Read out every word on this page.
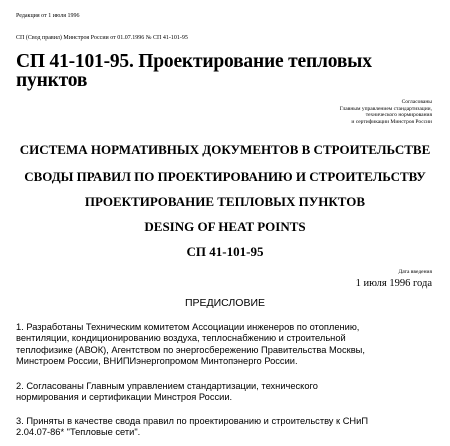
Редакция от 1 июля 1996
СП (Свод правил) Минстроя России от 01.07.1996 № СП 41-101-95
СП 41-101-95. Проектирование тепловых
пунктов
Согласованы
Главным управлением стандартизации,
технического нормирования
и сертификации Минстроя России
СИСТЕМА НОРМАТИВНЫХ ДОКУМЕНТОВ В СТРОИТЕЛЬСТВЕ
СВОДЫ ПРАВИЛ ПО ПРОЕКТИРОВАНИЮ И СТРОИТЕЛЬСТВУ
ПРОЕКТИРОВАНИЕ ТЕПЛОВЫХ ПУНКТОВ
DESING OF HEAT POINTS
СП 41-101-95
Дата введения
1 июля 1996 года
ПРЕДИСЛОВИЕ
1. Разработаны Техническим комитетом Ассоциации инженеров по отоплению,
вентиляции, кондиционированию воздуха, теплоснабжению и строительной
теплофизике (АВОК), Агентством по энергосбережению Правительства Москвы,
Минстроем России, ВНИПИэнергопромом Минтопэнерго России.
2. Согласованы Главным управлением стандартизации, технического
нормирования и сертификации Минстроя России.
3. Приняты в качестве свода правил по проектированию и строительству к СНиП
2.04.07-86* "Тепловые сети".
